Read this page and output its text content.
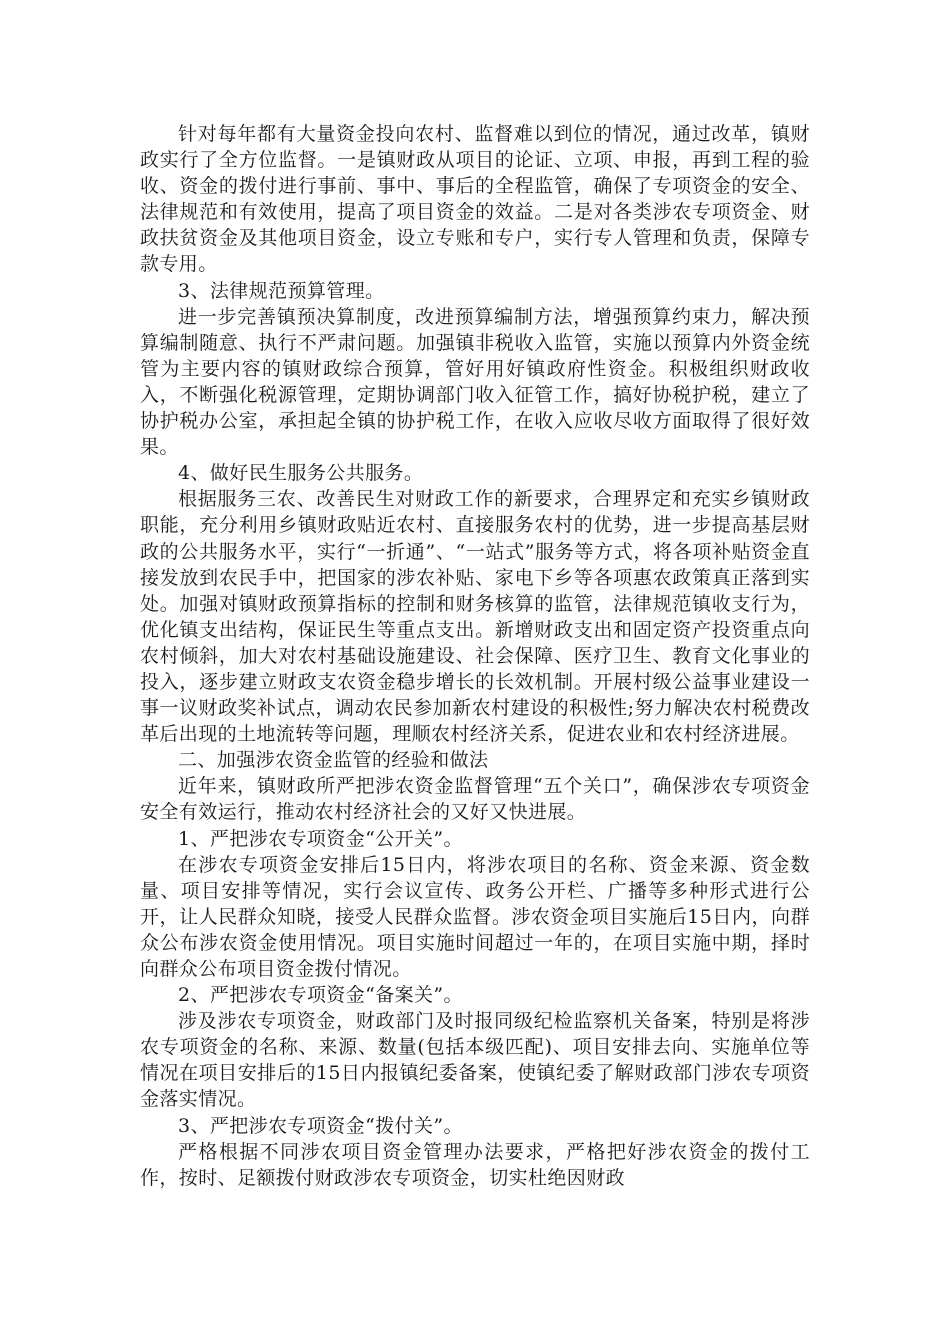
针对每年都有大量资金投向农村、监督难以到位的情况，通过改革，镇财政实行了全方位监督。一是镇财政从项目的论证、立项、申报，再到工程的验收、资金的拨付进行事前、事中、事后的全程监管，确保了专项资金的安全、法律规范和有效使用，提高了项目资金的效益。二是对各类涉农专项资金、财政扶贫资金及其他项目资金，设立专账和专户，实行专人管理和负责，保障专款专用。

3、法律规范预算管理。

进一步完善镇预决算制度，改进预算编制方法，增强预算约束力，解决预算编制随意、执行不严肃问题。加强镇非税收入监管，实施以预算内外资金统管为主要内容的镇财政综合预算，管好用好镇政府性资金。积极组织财政收入，不断强化税源管理，定期协调部门收入征管工作，搞好协税护税，建立了协护税办公室，承担起全镇的协护税工作，在收入应收尽收方面取得了很好效果。

4、做好民生服务公共服务。

根据服务三农、改善民生对财政工作的新要求，合理界定和充实乡镇财政职能，充分利用乡镇财政贴近农村、直接服务农村的优势，进一步提高基层财政的公共服务水平，实行“一折通”、“一站式”服务等方式，将各项补贴资金直接发放到农民手中，把国家的涉农补贴、家电下乡等各项惠农政策真正落到实处。加强对镇财政预算指标的控制和财务核算的监管，法律规范镇收支行为，优化镇支出结构，保证民生等重点支出。新增财政支出和固定资产投资重点向农村倾斜，加大对农村基础设施建设、社会保障、医疗卫生、教育文化事业的投入，逐步建立财政支农资金稳步增长的长效机制。开展村级公益事业建设一事一议财政奖补试点，调动农民参加新农村建设的积极性;努力解决农村税费改革后出现的土地流转等问题，理顺农村经济关系，促进农业和农村经济进展。

二、加强涉农资金监管的经验和做法

近年来，镇财政所严把涉农资金监督管理“五个关口”，确保涉农专项资金安全有效运行，推动农村经济社会的又好又快进展。

1、严把涉农专项资金“公开关”。

在涉农专项资金安排后15日内，将涉农项目的名称、资金来源、资金数量、项目安排等情况，实行会议宣传、政务公开栏、广播等多种形式进行公开，让人民群众知晓，接受人民群众监督。涉农资金项目实施后15日内，向群众公布涉农资金使用情况。项目实施时间超过一年的，在项目实施中期，择时向群众公布项目资金拨付情况。

2、严把涉农专项资金“备案关”。

涉及涉农专项资金，财政部门及时报同级纪检监察机关备案，特别是将涉农专项资金的名称、来源、数量(包括本级匹配)、项目安排去向、实施单位等情况在项目安排后的15日内报镇纪委备案，使镇纪委了解财政部门涉农专项资金落实情况。

3、严把涉农专项资金“拨付关”。

严格根据不同涉农项目资金管理办法要求，严格把好涉农资金的拨付工作，按时、足额拨付财政涉农专项资金，切实杜绝因财政
